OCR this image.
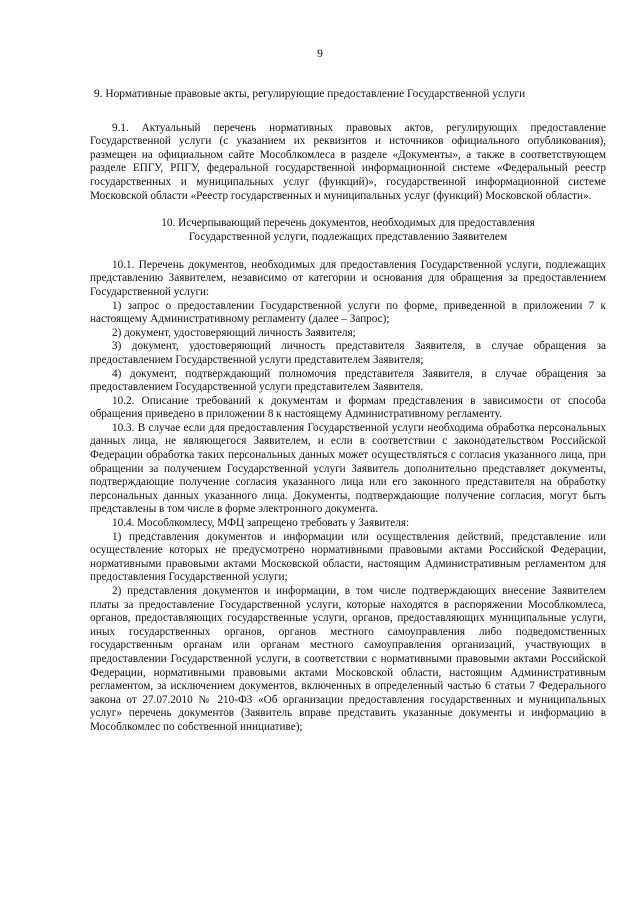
9
9. Нормативные правовые акты, регулирующие предоставление Государственной услуги

9.1. Актуальный перечень нормативных правовых актов, регулирующих предоставление Государственной услуги (с указанием их реквизитов и источников официального опубликования), размещен на официальном сайте Мособлкомлеса в разделе «Документы», а также в соответствующем разделе ЕПГУ, РПГУ, федеральной государственной информационной системе «Федеральный реестр государственных и муниципальных услуг (функций)», государственной информационной системе Московской области «Реестр государственных и муниципальных услуг (функций) Московской области».

10. Исчерпывающий перечень документов, необходимых для предоставления
Государственной услуги, подлежащих представлению Заявителем

10.1. Перечень документов, необходимых для предоставления Государственной услуги, подлежащих представлению Заявителем, независимо от категории и основания для обращения за предоставлением Государственной услуги:

1) запрос о предоставлении Государственной услуги по форме, приведенной в приложении 7 к настоящему Административному регламенту (далее – Запрос);

2) документ, удостоверяющий личность Заявителя;

3) документ, удостоверяющий личность представителя Заявителя, в случае обращения за предоставлением Государственной услуги представителем Заявителя;

4) документ, подтверждающий полномочия представителя Заявителя, в случае обращения за предоставлением Государственной услуги представителем Заявителя.

10.2. Описание требований к документам и формам представления в зависимости от способа обращения приведено в приложении 8 к настоящему Административному регламенту.

10.3. В случае если для предоставления Государственной услуги необходима обработка персональных данных лица, не являющегося Заявителем, и если в соответствии с законодательством Российской Федерации обработка таких персональных данных может осуществляться с согласия указанного лица, при обращении за получением Государственной услуги Заявитель дополнительно представляет документы, подтверждающие получение согласия указанного лица или его законного представителя на обработку персональных данных указанного лица. Документы, подтверждающие получение согласия, могут быть представлены в том числе в форме электронного документа.

10.4. Мособлкомлесу, МФЦ запрещено требовать у Заявителя:

1) представления документов и информации или осуществления действий, представление или осуществление которых не предусмотрено нормативными правовыми актами Российской Федерации, нормативными правовыми актами Московской области, настоящим Административным регламентом для предоставления Государственной услуги;

2) представления документов и информации, в том числе подтверждающих внесение Заявителем платы за предоставление Государственной услуги, которые находятся в распоряжении Мособлкомлеса, органов, предоставляющих государственные услуги, органов, предоставляющих муниципальные услуги, иных государственных органов, органов местного самоуправления либо подведомственных государственным органам или органам местного самоуправления организаций, участвующих в предоставлении Государственной услуги, в соответствии с нормативными правовыми актами Российской Федерации, нормативными правовыми актами Московской области, настоящим Административным регламентом, за исключением документов, включенных в определенный частью 6 статьи 7 Федерального закона от 27.07.2010 № 210-ФЗ «Об организации предоставления государственных и муниципальных услуг» перечень документов (Заявитель вправе представить указанные документы и информацию в Мособлкомлес по собственной инициативе);
